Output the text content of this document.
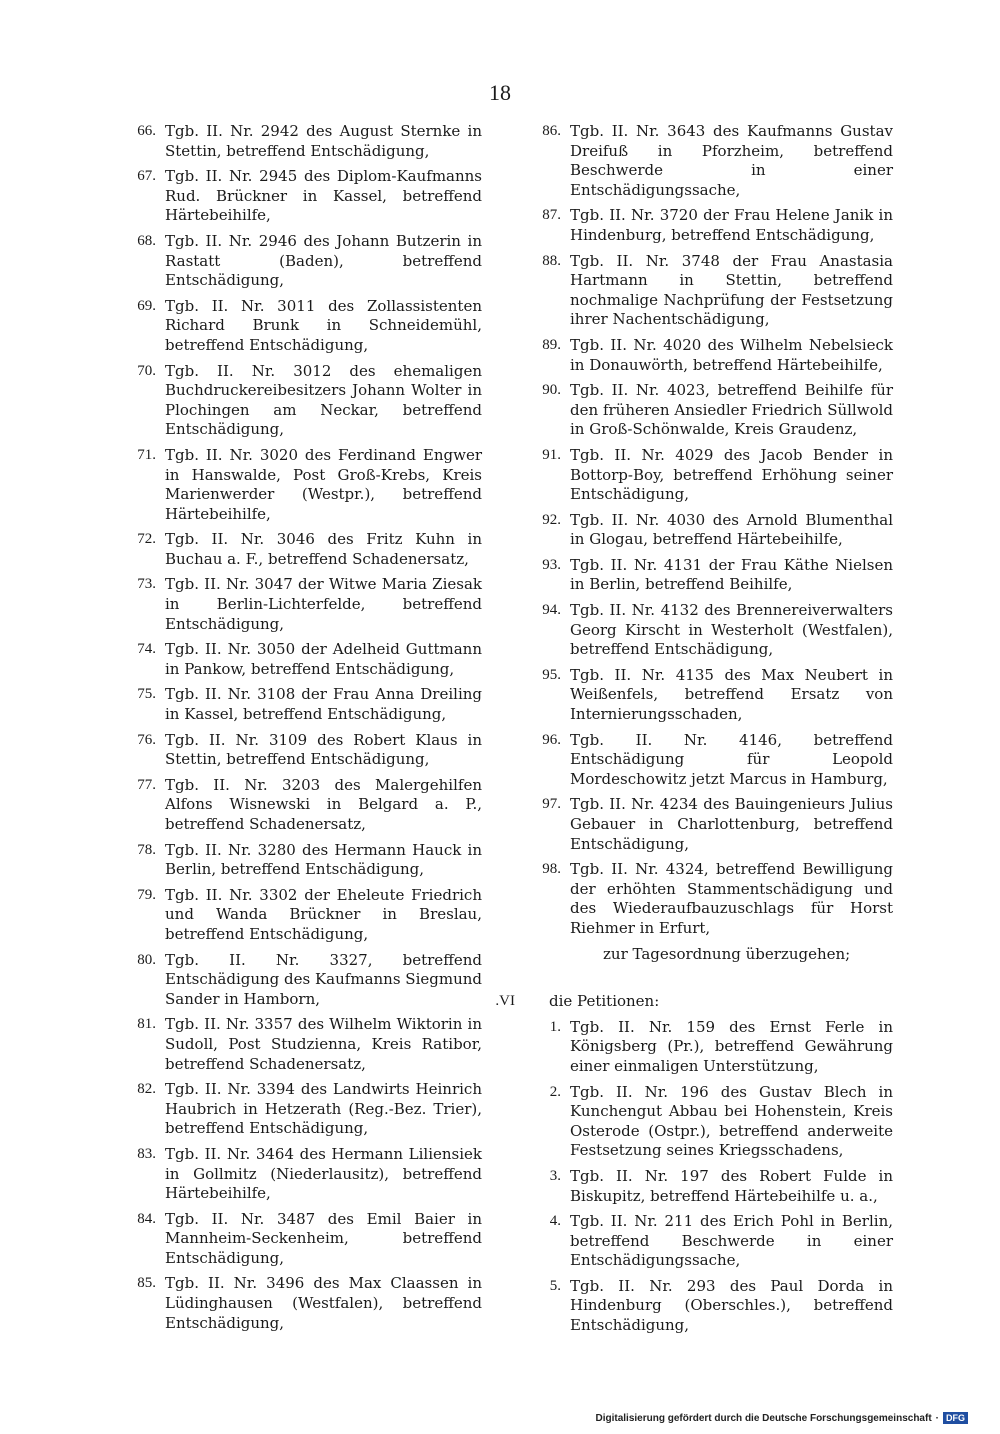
18
66. Tgb. II. Nr. 2942 des August Sternke in Stettin, betreffend Entschädigung,
67. Tgb. II. Nr. 2945 des Diplom-Kaufmanns Rud. Brückner in Kassel, betreffend Härtebeihilfe,
68. Tgb. II. Nr. 2946 des Johann Butzerin in Rastatt (Baden), betreffend Entschädigung,
69. Tgb. II. Nr. 3011 des Zollassistenten Richard Brunk in Schneidemühl, betreffend Entschädigung,
70. Tgb. II. Nr. 3012 des ehemaligen Buchdruckereibesitzers Johann Wolter in Plochingen am Neckar, betreffend Entschädigung,
71. Tgb. II. Nr. 3020 des Ferdinand Engwer in Hanswalde, Post Groß-Krebs, Kreis Marienwerder (Westpr.), betreffend Härtebeihilfe,
72. Tgb. II. Nr. 3046 des Fritz Kuhn in Buchau a. F., betreffend Schadenersatz,
73. Tgb. II. Nr. 3047 der Witwe Maria Ziesak in Berlin-Lichterfelde, betreffend Entschädigung,
74. Tgb. II. Nr. 3050 der Adelheid Guttmann in Pankow, betreffend Entschädigung,
75. Tgb. II. Nr. 3108 der Frau Anna Dreiling in Kassel, betreffend Entschädigung,
76. Tgb. II. Nr. 3109 des Robert Klaus in Stettin, betreffend Entschädigung,
77. Tgb. II. Nr. 3203 des Malergehilfen Alfons Wisnewski in Belgard a. P., betreffend Schadenersatz,
78. Tgb. II. Nr. 3280 des Hermann Hauck in Berlin, betreffend Entschädigung,
79. Tgb. II. Nr. 3302 der Eheleute Friedrich und Wanda Brückner in Breslau, betreffend Entschädigung,
80. Tgb. II. Nr. 3327, betreffend Entschädigung des Kaufmanns Siegmund Sander in Hamborn,
81. Tgb. II. Nr. 3357 des Wilhelm Wiktorin in Sudoll, Post Studzienna, Kreis Ratibor, betreffend Schadenersatz,
82. Tgb. II. Nr. 3394 des Landwirts Heinrich Haubrich in Hetzerath (Reg.-Bez. Trier), betreffend Entschädigung,
83. Tgb. II. Nr. 3464 des Hermann Liliensiek in Gollmitz (Niederlausitz), betreffend Härtebeihilfe,
84. Tgb. II. Nr. 3487 des Emil Baier in Mannheim-Seckenheim, betreffend Entschädigung,
85. Tgb. II. Nr. 3496 des Max Claassen in Lüdinghausen (Westfalen), betreffend Entschädigung,
86. Tgb. II. Nr. 3643 des Kaufmanns Gustav Dreifuß in Pforzheim, betreffend Beschwerde in einer Entschädigungssache,
87. Tgb. II. Nr. 3720 der Frau Helene Janik in Hindenburg, betreffend Entschädigung,
88. Tgb. II. Nr. 3748 der Frau Anastasia Hartmann in Stettin, betreffend nochmalige Nachprüfung der Festsetzung ihrer Nachentschädigung,
89. Tgb. II. Nr. 4020 des Wilhelm Nebelsieck in Donauwörth, betreffend Härtebeihilfe,
90. Tgb. II. Nr. 4023, betreffend Beihilfe für den früheren Ansiedler Friedrich Süllwold in Groß-Schönwalde, Kreis Graudenz,
91. Tgb. II. Nr. 4029 des Jacob Bender in Bottorp-Boy, betreffend Erhöhung seiner Entschädigung,
92. Tgb. II. Nr. 4030 des Arnold Blumenthal in Glogau, betreffend Härtebeihilfe,
93. Tgb. II. Nr. 4131 der Frau Käthe Nielsen in Berlin, betreffend Beihilfe,
94. Tgb. II. Nr. 4132 des Brennereiverwalters Georg Kirscht in Westerholt (Westfalen), betreffend Entschädigung,
95. Tgb. II. Nr. 4135 des Max Neubert in Weißenfels, betreffend Ersatz von Internierungsschaden,
96. Tgb. II. Nr. 4146, betreffend Entschädigung für Leopold Mordeschowitz jetzt Marcus in Hamburg,
97. Tgb. II. Nr. 4234 des Bauingenieurs Julius Gebauer in Charlottenburg, betreffend Entschädigung,
98. Tgb. II. Nr. 4324, betreffend Bewilligung der erhöhten Stammentschädigung und des Wiederaufbauzuschlags für Horst Riehmer in Erfurt,
zur Tagesordnung überzugehen;
VI. die Petitionen:
1. Tgb. II. Nr. 159 des Ernst Ferle in Königsberg (Pr.), betreffend Gewährung einer einmaligen Unterstützung,
2. Tgb. II. Nr. 196 des Gustav Blech in Kunchengut Abbau bei Hohenstein, Kreis Osterode (Ostpr.), betreffend anderweite Festsetzung seines Kriegsschadens,
3. Tgb. II. Nr. 197 des Robert Fulde in Biskupitz, betreffend Härtebeihilfe u. a.,
4. Tgb. II. Nr. 211 des Erich Pohl in Berlin, betreffend Beschwerde in einer Entschädigungssache,
5. Tgb. II. Nr. 293 des Paul Dorda in Hindenburg (Oberschles.), betreffend Entschädigung,
Digitalisierung gefördert durch die Deutsche Forschungsgemeinschaft · DFG
